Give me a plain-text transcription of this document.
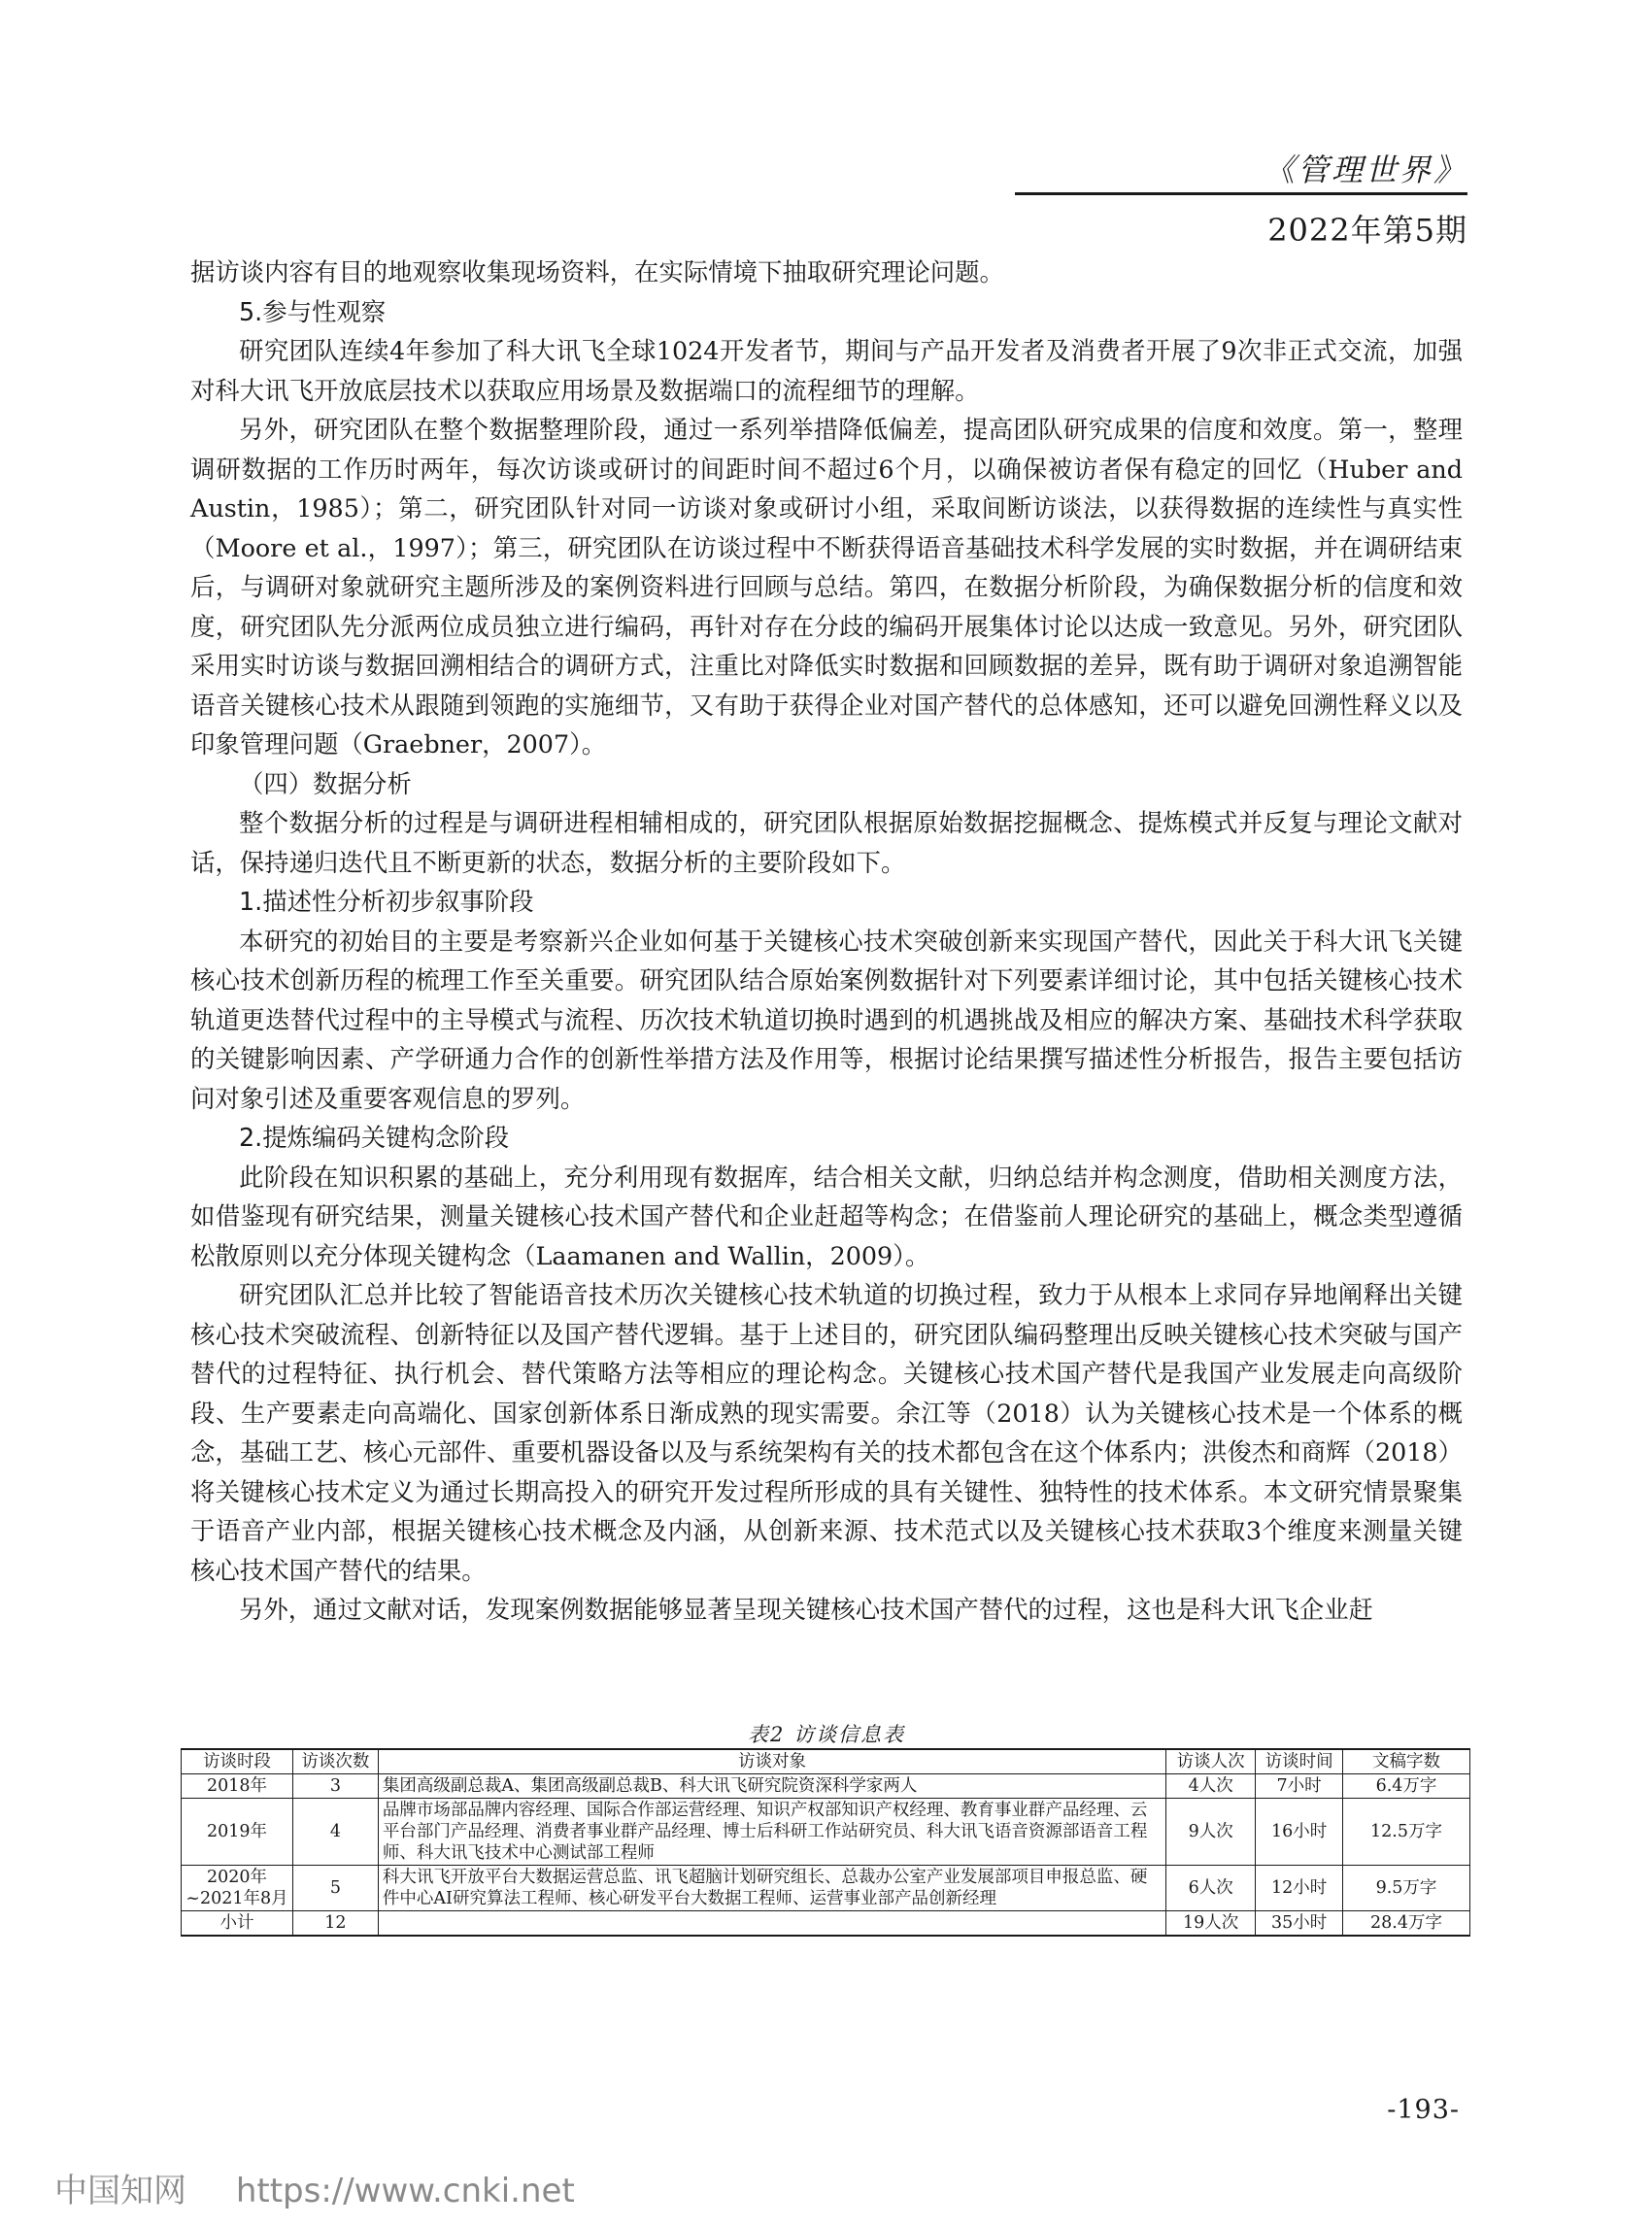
《管理世界》
2022年第5期

据访谈内容有目的地观察收集现场资料，在实际情境下抽取研究理论问题。

5.参与性观察

研究团队连续4年参加了科大讯飞全球1024开发者节，期间与产品开发者及消费者开展了9次非正式交流，加强对科大讯飞开放底层技术以获取应用场景及数据端口的流程细节的理解。

另外，研究团队在整个数据整理阶段，通过一系列举措降低偏差，提高团队研究成果的信度和效度。第一，整理调研数据的工作历时两年，每次访谈或研讨的间距时间不超过6个月，以确保被访者保有稳定的回忆（Huber and Austin，1985）；第二，研究团队针对同一访谈对象或研讨小组，采取间断访谈法，以获得数据的连续性与真实性（Moore et al.，1997）；第三，研究团队在访谈过程中不断获得语音基础技术科学发展的实时数据，并在调研结束后，与调研对象就研究主题所涉及的案例资料进行回顾与总结。第四，在数据分析阶段，为确保数据分析的信度和效度，研究团队先分派两位成员独立进行编码，再针对存在分歧的编码开展集体讨论以达成一致意见。另外，研究团队采用实时访谈与数据回溯相结合的调研方式，注重比对降低实时数据和回顾数据的差异，既有助于调研对象追溯智能语音关键核心技术从跟随到领跑的实施细节，又有助于获得企业对国产替代的总体感知，还可以避免回溯性释义以及印象管理问题（Graebner，2007）。

（四）数据分析

整个数据分析的过程是与调研进程相辅相成的，研究团队根据原始数据挖掘概念、提炼模式并反复与理论文献对话，保持递归迭代且不断更新的状态，数据分析的主要阶段如下。

1.描述性分析初步叙事阶段

本研究的初始目的主要是考察新兴企业如何基于关键核心技术突破创新来实现国产替代，因此关于科大讯飞关键核心技术创新历程的梳理工作至关重要。研究团队结合原始案例数据针对下列要素详细讨论，其中包括关键核心技术轨道更迭替代过程中的主导模式与流程、历次技术轨道切换时遇到的机遇挑战及相应的解决方案、基础技术科学获取的关键影响因素、产学研通力合作的创新性举措方法及作用等，根据讨论结果撰写描述性分析报告，报告主要包括访问对象引述及重要客观信息的罗列。

2.提炼编码关键构念阶段

此阶段在知识积累的基础上，充分利用现有数据库，结合相关文献，归纳总结并构念测度，借助相关测度方法，如借鉴现有研究结果，测量关键核心技术国产替代和企业赶超等构念；在借鉴前人理论研究的基础上，概念类型遵循松散原则以充分体现关键构念（Laamanen and Wallin，2009）。

研究团队汇总并比较了智能语音技术历次关键核心技术轨道的切换过程，致力于从根本上求同存异地阐释出关键核心技术突破流程、创新特征以及国产替代逻辑。基于上述目的，研究团队编码整理出反映关键核心技术突破与国产替代的过程特征、执行机会、替代策略方法等相应的理论构念。关键核心技术国产替代是我国产业发展走向高级阶段、生产要素走向高端化、国家创新体系日渐成熟的现实需要。余江等（2018）认为关键核心技术是一个体系的概念，基础工艺、核心元部件、重要机器设备以及与系统架构有关的技术都包含在这个体系内；洪俊杰和商辉（2018）将关键核心技术定义为通过长期高投入的研究开发过程所形成的具有关键性、独特性的技术体系。本文研究情景聚集于语音产业内部，根据关键核心技术概念及内涵，从创新来源、技术范式以及关键核心技术获取3个维度来测量关键核心技术国产替代的结果。

另外，通过文献对话，发现案例数据能够显著呈现关键核心技术国产替代的过程，这也是科大讯飞企业赶

表2 访谈信息表
访谈时段	访谈次数	访谈对象	访谈人次	访谈时间	文稿字数
2018年	3	集团高级副总裁A、集团高级副总裁B、科大讯飞研究院资深科学家两人	4人次	7小时	6.4万字
2019年	4	品牌市场部品牌内容经理、国际合作部运营经理、知识产权部知识产权经理、教育事业群产品经理、云平台部门产品经理、消费者事业群产品经理、博士后科研工作站研究员、科大讯飞语音资源部语音工程师、科大讯飞技术中心测试部工程师	9人次	16小时	12.5万字
2020年~2021年8月	5	科大讯飞开放平台大数据运营总监、讯飞超脑计划研究组长、总裁办公室产业发展部项目申报总监、硬件中心AI研究算法工程师、核心研发平台大数据工程师、运营事业部产品创新经理	6人次	12小时	9.5万字
小计	12		19人次	35小时	28.4万字
-193-
中国知网 https://www.cnki.net
